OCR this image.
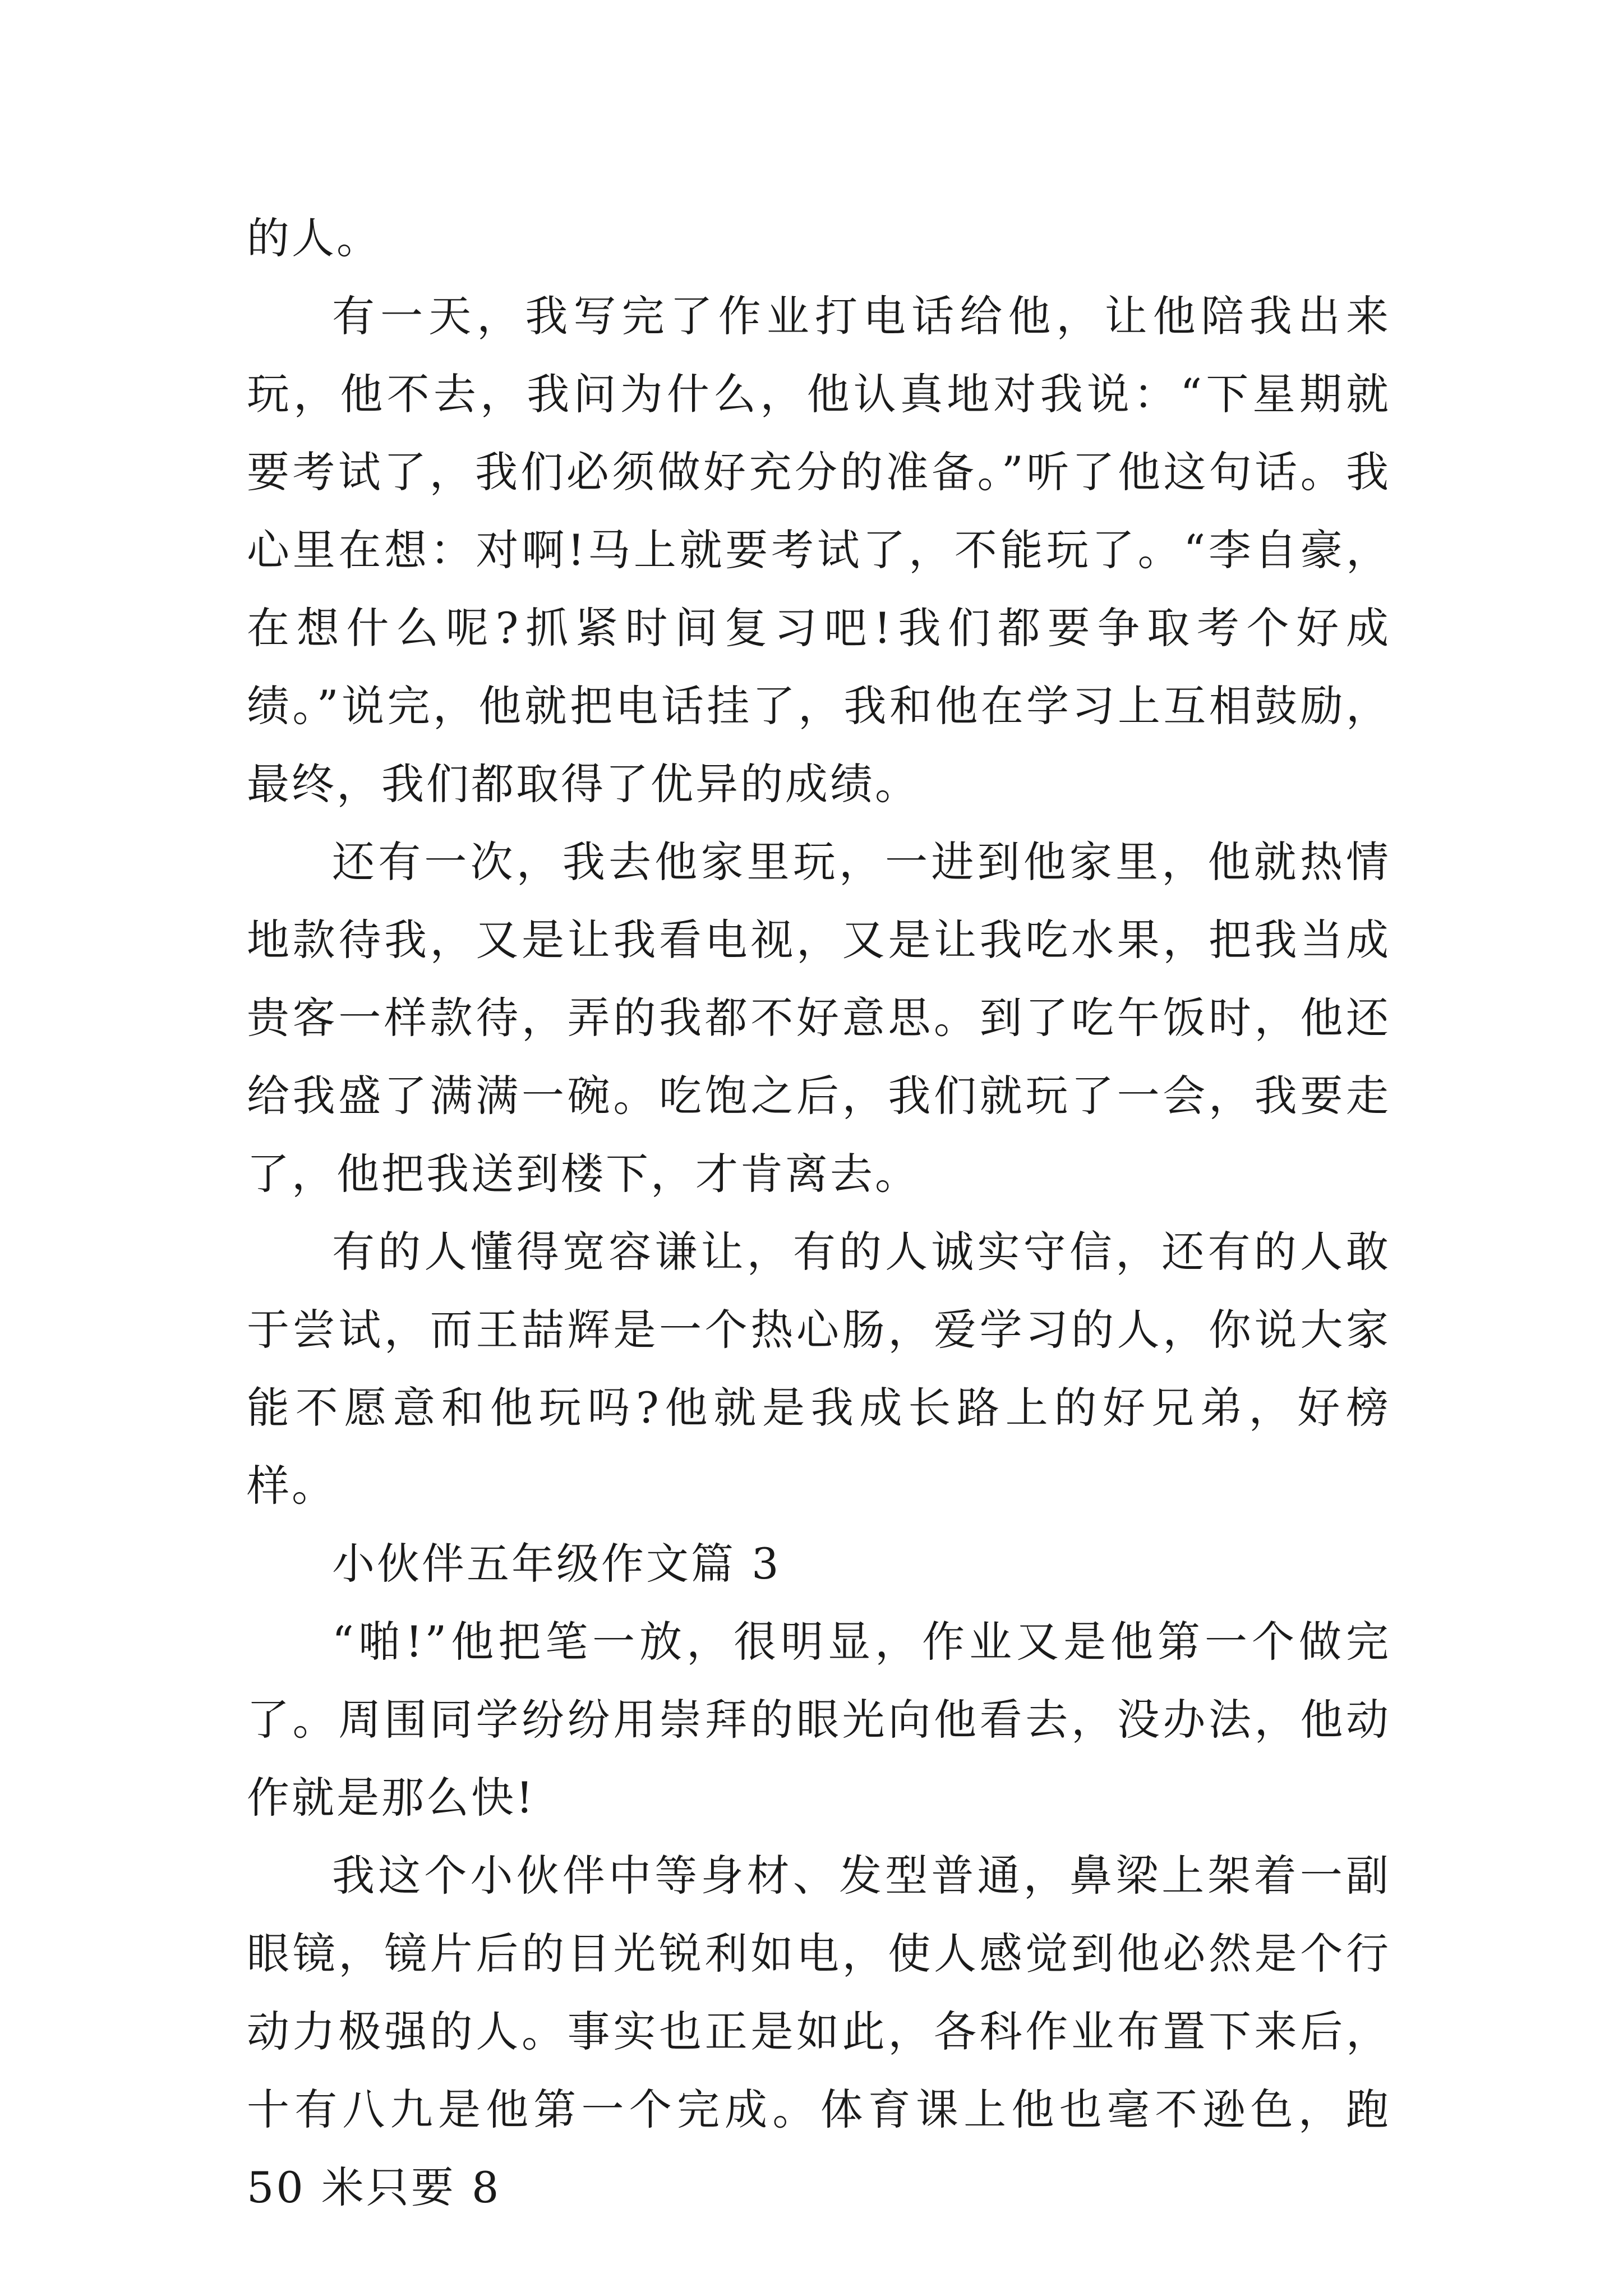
的人。

有一天，我写完了作业打电话给他，让他陪我出来玩，他不去，我问为什么，他认真地对我说：“下星期就要考试了，我们必须做好充分的准备。”听了他这句话。我心里在想：对啊!马上就要考试了，不能玩了。“李自豪，在想什么呢?抓紧时间复习吧!我们都要争取考个好成绩。”说完，他就把电话挂了，我和他在学习上互相鼓励，最终，我们都取得了优异的成绩。

还有一次，我去他家里玩，一进到他家里，他就热情地款待我，又是让我看电视，又是让我吃水果，把我当成贵客一样款待，弄的我都不好意思。到了吃午饭时，他还给我盛了满满一碗。吃饱之后，我们就玩了一会，我要走了，他把我送到楼下，才肯离去。

有的人懂得宽容谦让，有的人诚实守信，还有的人敢于尝试，而王喆辉是一个热心肠，爱学习的人，你说大家能不愿意和他玩吗?他就是我成长路上的好兄弟，好榜样。

小伙伴五年级作文篇 3

“啪!”他把笔一放，很明显，作业又是他第一个做完了。周围同学纷纷用崇拜的眼光向他看去，没办法，他动作就是那么快!

我这个小伙伴中等身材、发型普通，鼻梁上架着一副眼镜，镜片后的目光锐利如电，使人感觉到他必然是个行动力极强的人。事实也正是如此，各科作业布置下来后，十有八九是他第一个完成。体育课上他也毫不逊色，跑 50 米只要 8
